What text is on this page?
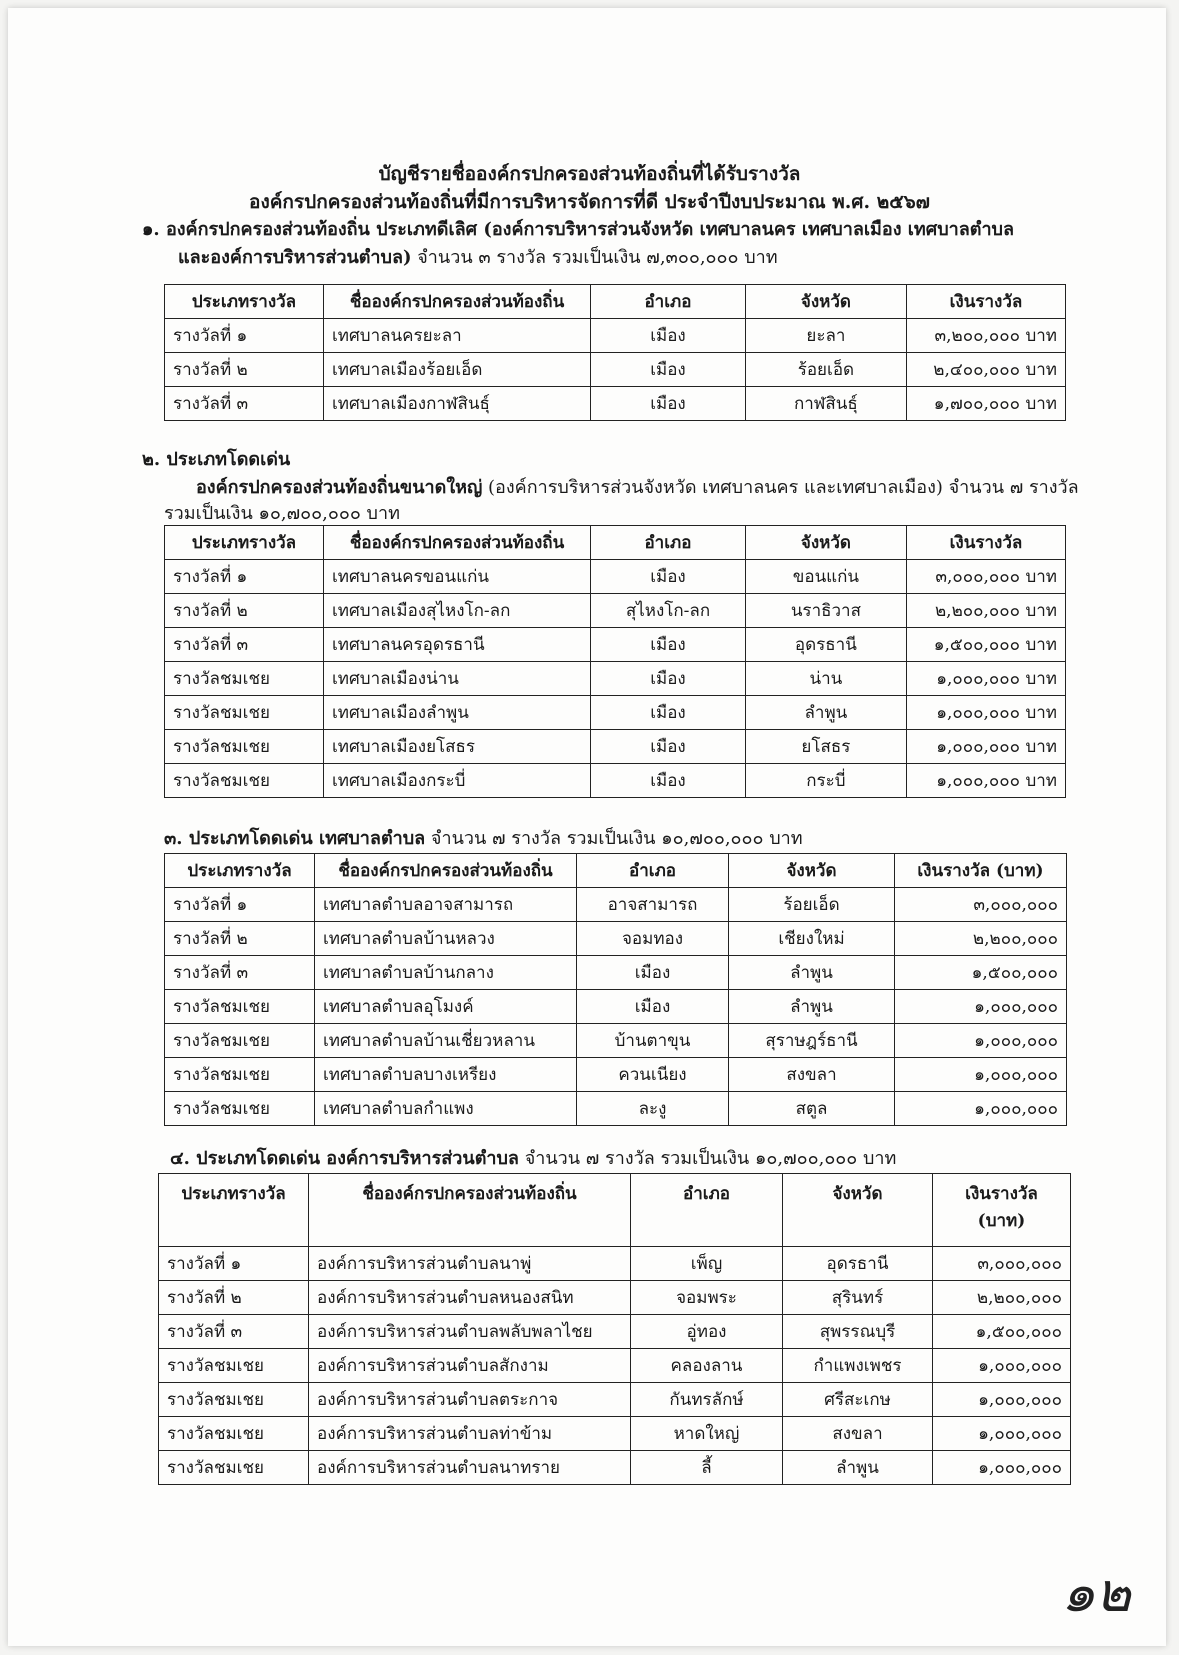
บัญชีรายชื่อองค์กรปกครองส่วนท้องถิ่นที่ได้รับรางวัล
องค์กรปกครองส่วนท้องถิ่นที่มีการบริหารจัดการที่ดี ประจำปีงบประมาณ พ.ศ. ๒๕๖๗
๑. องค์กรปกครองส่วนท้องถิ่น ประเภทดีเลิศ (องค์การบริหารส่วนจังหวัด เทศบาลนคร เทศบาลเมือง เทศบาลตำบล
และองค์การบริหารส่วนตำบล) จำนวน ๓ รางวัล รวมเป็นเงิน ๗,๓๐๐,๐๐๐ บาท
ประเภทรางวัล	ชื่อองค์กรปกครองส่วนท้องถิ่น	อำเภอ	จังหวัด	เงินรางวัล
รางวัลที่ ๑	เทศบาลนครยะลา	เมือง	ยะลา	๓,๒๐๐,๐๐๐ บาท
รางวัลที่ ๒	เทศบาลเมืองร้อยเอ็ด	เมือง	ร้อยเอ็ด	๒,๔๐๐,๐๐๐ บาท
รางวัลที่ ๓	เทศบาลเมืองกาฬสินธุ์	เมือง	กาฬสินธุ์	๑,๗๐๐,๐๐๐ บาท
๒. ประเภทโดดเด่น
องค์กรปกครองส่วนท้องถิ่นขนาดใหญ่ (องค์การบริหารส่วนจังหวัด เทศบาลนคร และเทศบาลเมือง) จำนวน ๗ รางวัล
รวมเป็นเงิน ๑๐,๗๐๐,๐๐๐ บาท
ประเภทรางวัล	ชื่อองค์กรปกครองส่วนท้องถิ่น	อำเภอ	จังหวัด	เงินรางวัล
รางวัลที่ ๑	เทศบาลนครขอนแก่น	เมือง	ขอนแก่น	๓,๐๐๐,๐๐๐ บาท
รางวัลที่ ๒	เทศบาลเมืองสุไหงโก-ลก	สุไหงโก-ลก	นราธิวาส	๒,๒๐๐,๐๐๐ บาท
รางวัลที่ ๓	เทศบาลนครอุดรธานี	เมือง	อุดรธานี	๑,๕๐๐,๐๐๐ บาท
รางวัลชมเชย	เทศบาลเมืองน่าน	เมือง	น่าน	๑,๐๐๐,๐๐๐ บาท
รางวัลชมเชย	เทศบาลเมืองลำพูน	เมือง	ลำพูน	๑,๐๐๐,๐๐๐ บาท
รางวัลชมเชย	เทศบาลเมืองยโสธร	เมือง	ยโสธร	๑,๐๐๐,๐๐๐ บาท
รางวัลชมเชย	เทศบาลเมืองกระบี่	เมือง	กระบี่	๑,๐๐๐,๐๐๐ บาท
๓. ประเภทโดดเด่น เทศบาลตำบล จำนวน ๗ รางวัล รวมเป็นเงิน ๑๐,๗๐๐,๐๐๐ บาท
ประเภทรางวัล	ชื่อองค์กรปกครองส่วนท้องถิ่น	อำเภอ	จังหวัด	เงินรางวัล (บาท)
รางวัลที่ ๑	เทศบาลตำบลอาจสามารถ	อาจสามารถ	ร้อยเอ็ด	๓,๐๐๐,๐๐๐
รางวัลที่ ๒	เทศบาลตำบลบ้านหลวง	จอมทอง	เชียงใหม่	๒,๒๐๐,๐๐๐
รางวัลที่ ๓	เทศบาลตำบลบ้านกลาง	เมือง	ลำพูน	๑,๕๐๐,๐๐๐
รางวัลชมเชย	เทศบาลตำบลอุโมงค์	เมือง	ลำพูน	๑,๐๐๐,๐๐๐
รางวัลชมเชย	เทศบาลตำบลบ้านเชี่ยวหลาน	บ้านตาขุน	สุราษฎร์ธานี	๑,๐๐๐,๐๐๐
รางวัลชมเชย	เทศบาลตำบลบางเหรียง	ควนเนียง	สงขลา	๑,๐๐๐,๐๐๐
รางวัลชมเชย	เทศบาลตำบลกำแพง	ละงู	สตูล	๑,๐๐๐,๐๐๐
๔. ประเภทโดดเด่น องค์การบริหารส่วนตำบล จำนวน ๗ รางวัล รวมเป็นเงิน ๑๐,๗๐๐,๐๐๐ บาท
ประเภทรางวัล	ชื่อองค์กรปกครองส่วนท้องถิ่น	อำเภอ	จังหวัด	เงินรางวัล
(บาท)
รางวัลที่ ๑	องค์การบริหารส่วนตำบลนาพู่	เพ็ญ	อุดรธานี	๓,๐๐๐,๐๐๐
รางวัลที่ ๒	องค์การบริหารส่วนตำบลหนองสนิท	จอมพระ	สุรินทร์	๒,๒๐๐,๐๐๐
รางวัลที่ ๓	องค์การบริหารส่วนตำบลพลับพลาไชย	อู่ทอง	สุพรรณบุรี	๑,๕๐๐,๐๐๐
รางวัลชมเชย	องค์การบริหารส่วนตำบลสักงาม	คลองลาน	กำแพงเพชร	๑,๐๐๐,๐๐๐
รางวัลชมเชย	องค์การบริหารส่วนตำบลตระกาจ	กันทรลักษ์	ศรีสะเกษ	๑,๐๐๐,๐๐๐
รางวัลชมเชย	องค์การบริหารส่วนตำบลท่าข้าม	หาดใหญ่	สงขลา	๑,๐๐๐,๐๐๐
รางวัลชมเชย	องค์การบริหารส่วนตำบลนาทราย	ลี้	ลำพูน	๑,๐๐๐,๐๐๐
๑๒
